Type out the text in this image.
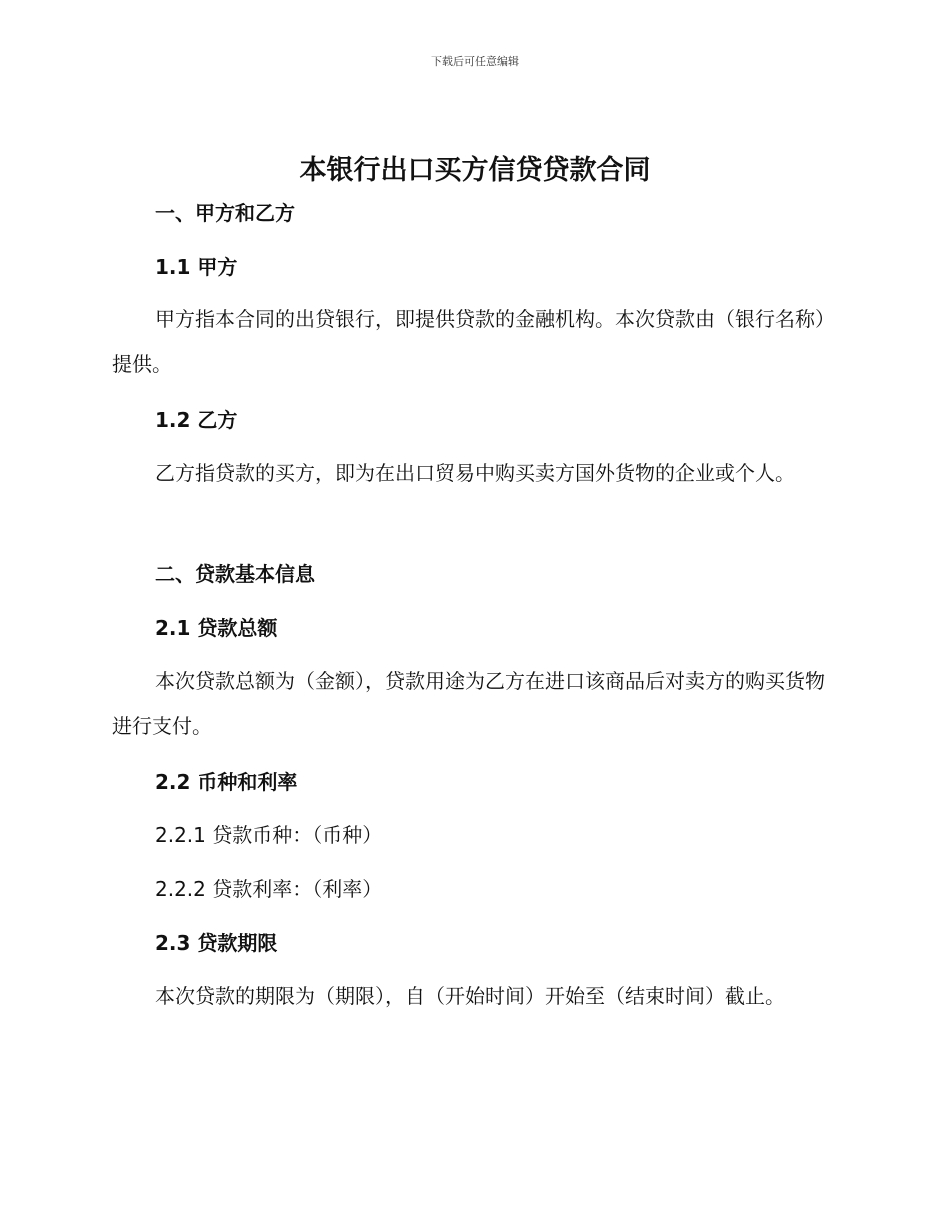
下载后可任意编辑
本银行出口买方信贷贷款合同
一、甲方和乙方
1.1 甲方

甲方指本合同的出贷银行，即提供贷款的金融机构。本次贷款由（银行名称）提供。

1.2 乙方

乙方指贷款的买方，即为在出口贸易中购买卖方国外货物的企业或个人。

二、贷款基本信息
2.1 贷款总额

本次贷款总额为（金额），贷款用途为乙方在进口该商品后对卖方的购买货物进行支付。

2.2 币种和利率
2.2.1 贷款币种：（币种）
2.2.2 贷款利率：（利率）
2.3 贷款期限

本次贷款的期限为（期限），自（开始时间）开始至（结束时间）截止。
